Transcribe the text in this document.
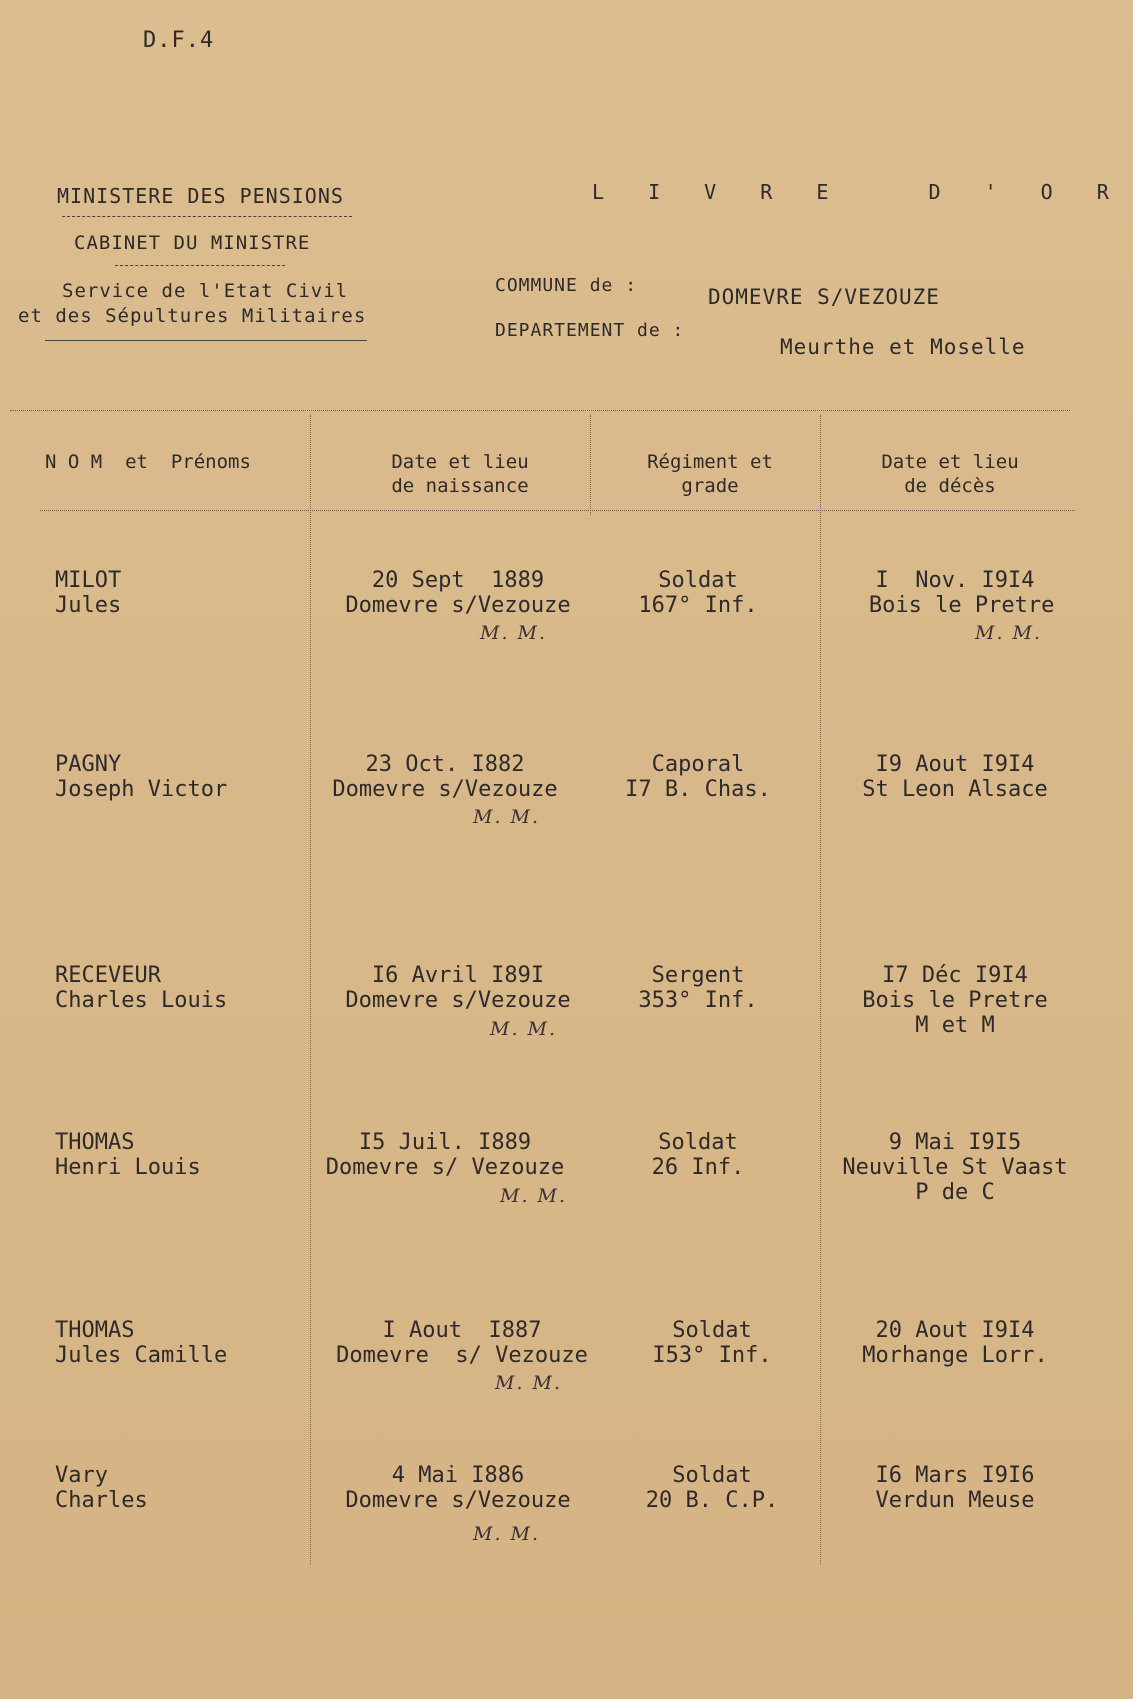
D.F.4
MINISTERE DES PENSIONS
CABINET DU MINISTRE
Service de l'Etat Civil
et des Sépultures Militaires
L I V R E   D ' O R
COMMUNE de :	DOMEVRE S/VEZOUZE
DEPARTEMENT de :
Meurthe et Moselle
N O M  et  Prénoms	Date et lieu
de naissance
Régiment et
grade
Date et lieu
de décès
MILOT
Jules
20 Sept  1889
Domevre s/Vezouze
M. M.
Soldat
167° Inf.
I  Nov. I9I4
Bois le Pretre
M. M.
PAGNY
Joseph Victor
23 Oct. I882
Domevre s/Vezouze
M. M.
Caporal
I7 B. Chas.
I9 Aout I9I4
St Leon Alsace
RECEVEUR
Charles Louis
I6 Avril I89I
Domevre s/Vezouze
M. M.
Sergent
353° Inf.
I7 Déc I9I4
Bois le Pretre
M et M
THOMAS
Henri Louis
I5 Juil. I889
Domevre s/ Vezouze
M. M.
Soldat
26 Inf.
9 Mai I9I5
Neuville St Vaast
P de C
THOMAS
Jules Camille
I Aout  I887
Domevre  s/ Vezouze
M. M.
Soldat
I53° Inf.
20 Aout I9I4
Morhange Lorr.
Vary
Charles
4 Mai I886
Domevre s/Vezouze
M. M.
Soldat
20 B. C.P.
I6 Mars I9I6
Verdun Meuse
